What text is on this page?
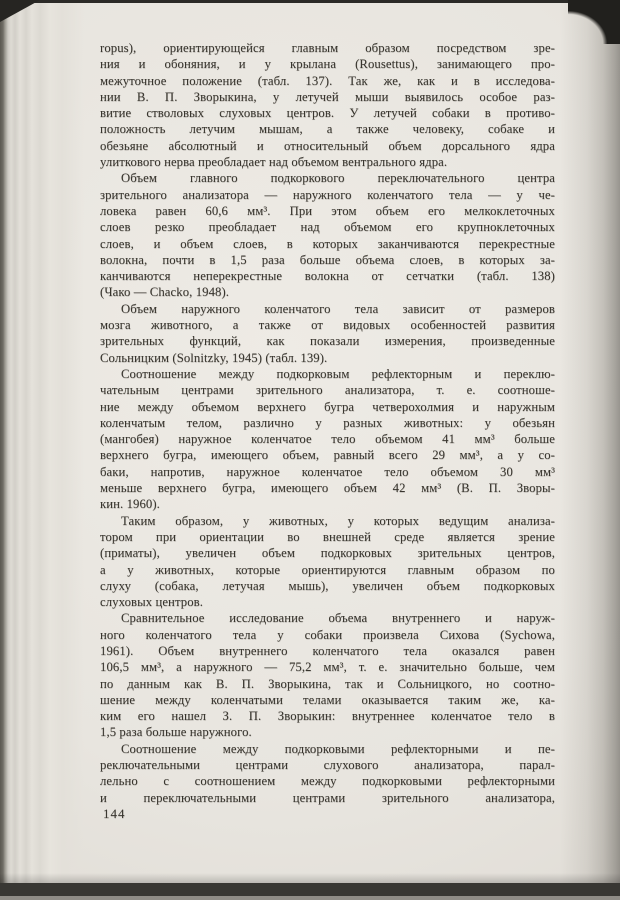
ropus), ориентирующейся главным образом посредством зре-
ния и обоняния, и у крылана (Rousettus), занимающего про-
межуточное положение (табл. 137). Так же, как и в исследова-
нии В. П. Зворыкина, у летучей мыши выявилось особое раз-
витие стволовых слуховых центров. У летучей собаки в противо-
положность летучим мышам, а также человеку, собаке и
обезьяне абсолютный и относительный объем дорсального ядра
улиткового нерва преобладает над объемом вентрального ядра.
Объем главного подкоркового переключательного центра
зрительного анализатора — наружного коленчатого тела — у че-
ловека равен 60,6 мм³. При этом объем его мелкоклеточных
слоев резко преобладает над объемом его крупноклеточных
слоев, и объем слоев, в которых заканчиваются перекрестные
волокна, почти в 1,5 раза больше объема слоев, в которых за-
канчиваются неперекрестные волокна от сетчатки (табл. 138)
(Чако — Chacko, 1948).
Объем наружного коленчатого тела зависит от размеров
мозга животного, а также от видовых особенностей развития
зрительных функций, как показали измерения, произведенные
Сольницким (Solnitzky, 1945) (табл. 139).
Соотношение между подкорковым рефлекторным и переклю-
чательным центрами зрительного анализатора, т. е. соотноше-
ние между объемом верхнего бугра четверохолмия и наружным
коленчатым телом, различно у разных животных: у обезьян
(мангобея) наружное коленчатое тело объемом 41 мм³ больше
верхнего бугра, имеющего объем, равный всего 29 мм³, а у со-
баки, напротив, наружное коленчатое тело объемом 30 мм³
меньше верхнего бугра, имеющего объем 42 мм³ (В. П. Зворы-
кин. 1960).
Таким образом, у животных, у которых ведущим анализа-
тором при ориентации во внешней среде является зрение
(приматы), увеличен объем подкорковых зрительных центров,
а у животных, которые ориентируются главным образом по
слуху (собака, летучая мышь), увеличен объем подкорковых
слуховых центров.
Сравнительное исследование объема внутреннего и наруж-
ного коленчатого тела у собаки произвела Сихова (Sychowa,
1961). Объем внутреннего коленчатого тела оказался равен
106,5 мм³, а наружного — 75,2 мм³, т. е. значительно больше, чем
по данным как В. П. Зворыкина, так и Сольницкого, но соотно-
шение между коленчатыми телами оказывается таким же, ка-
ким его нашел З. П. Зворыкин: внутреннее коленчатое тело в
1,5 раза больше наружного.
Соотношение между подкорковыми рефлекторными и пе-
реключательными центрами слухового анализатора, парал-
лельно с соотношением между подкорковыми рефлекторными
и переключательными центрами зрительного анализатора,
144
